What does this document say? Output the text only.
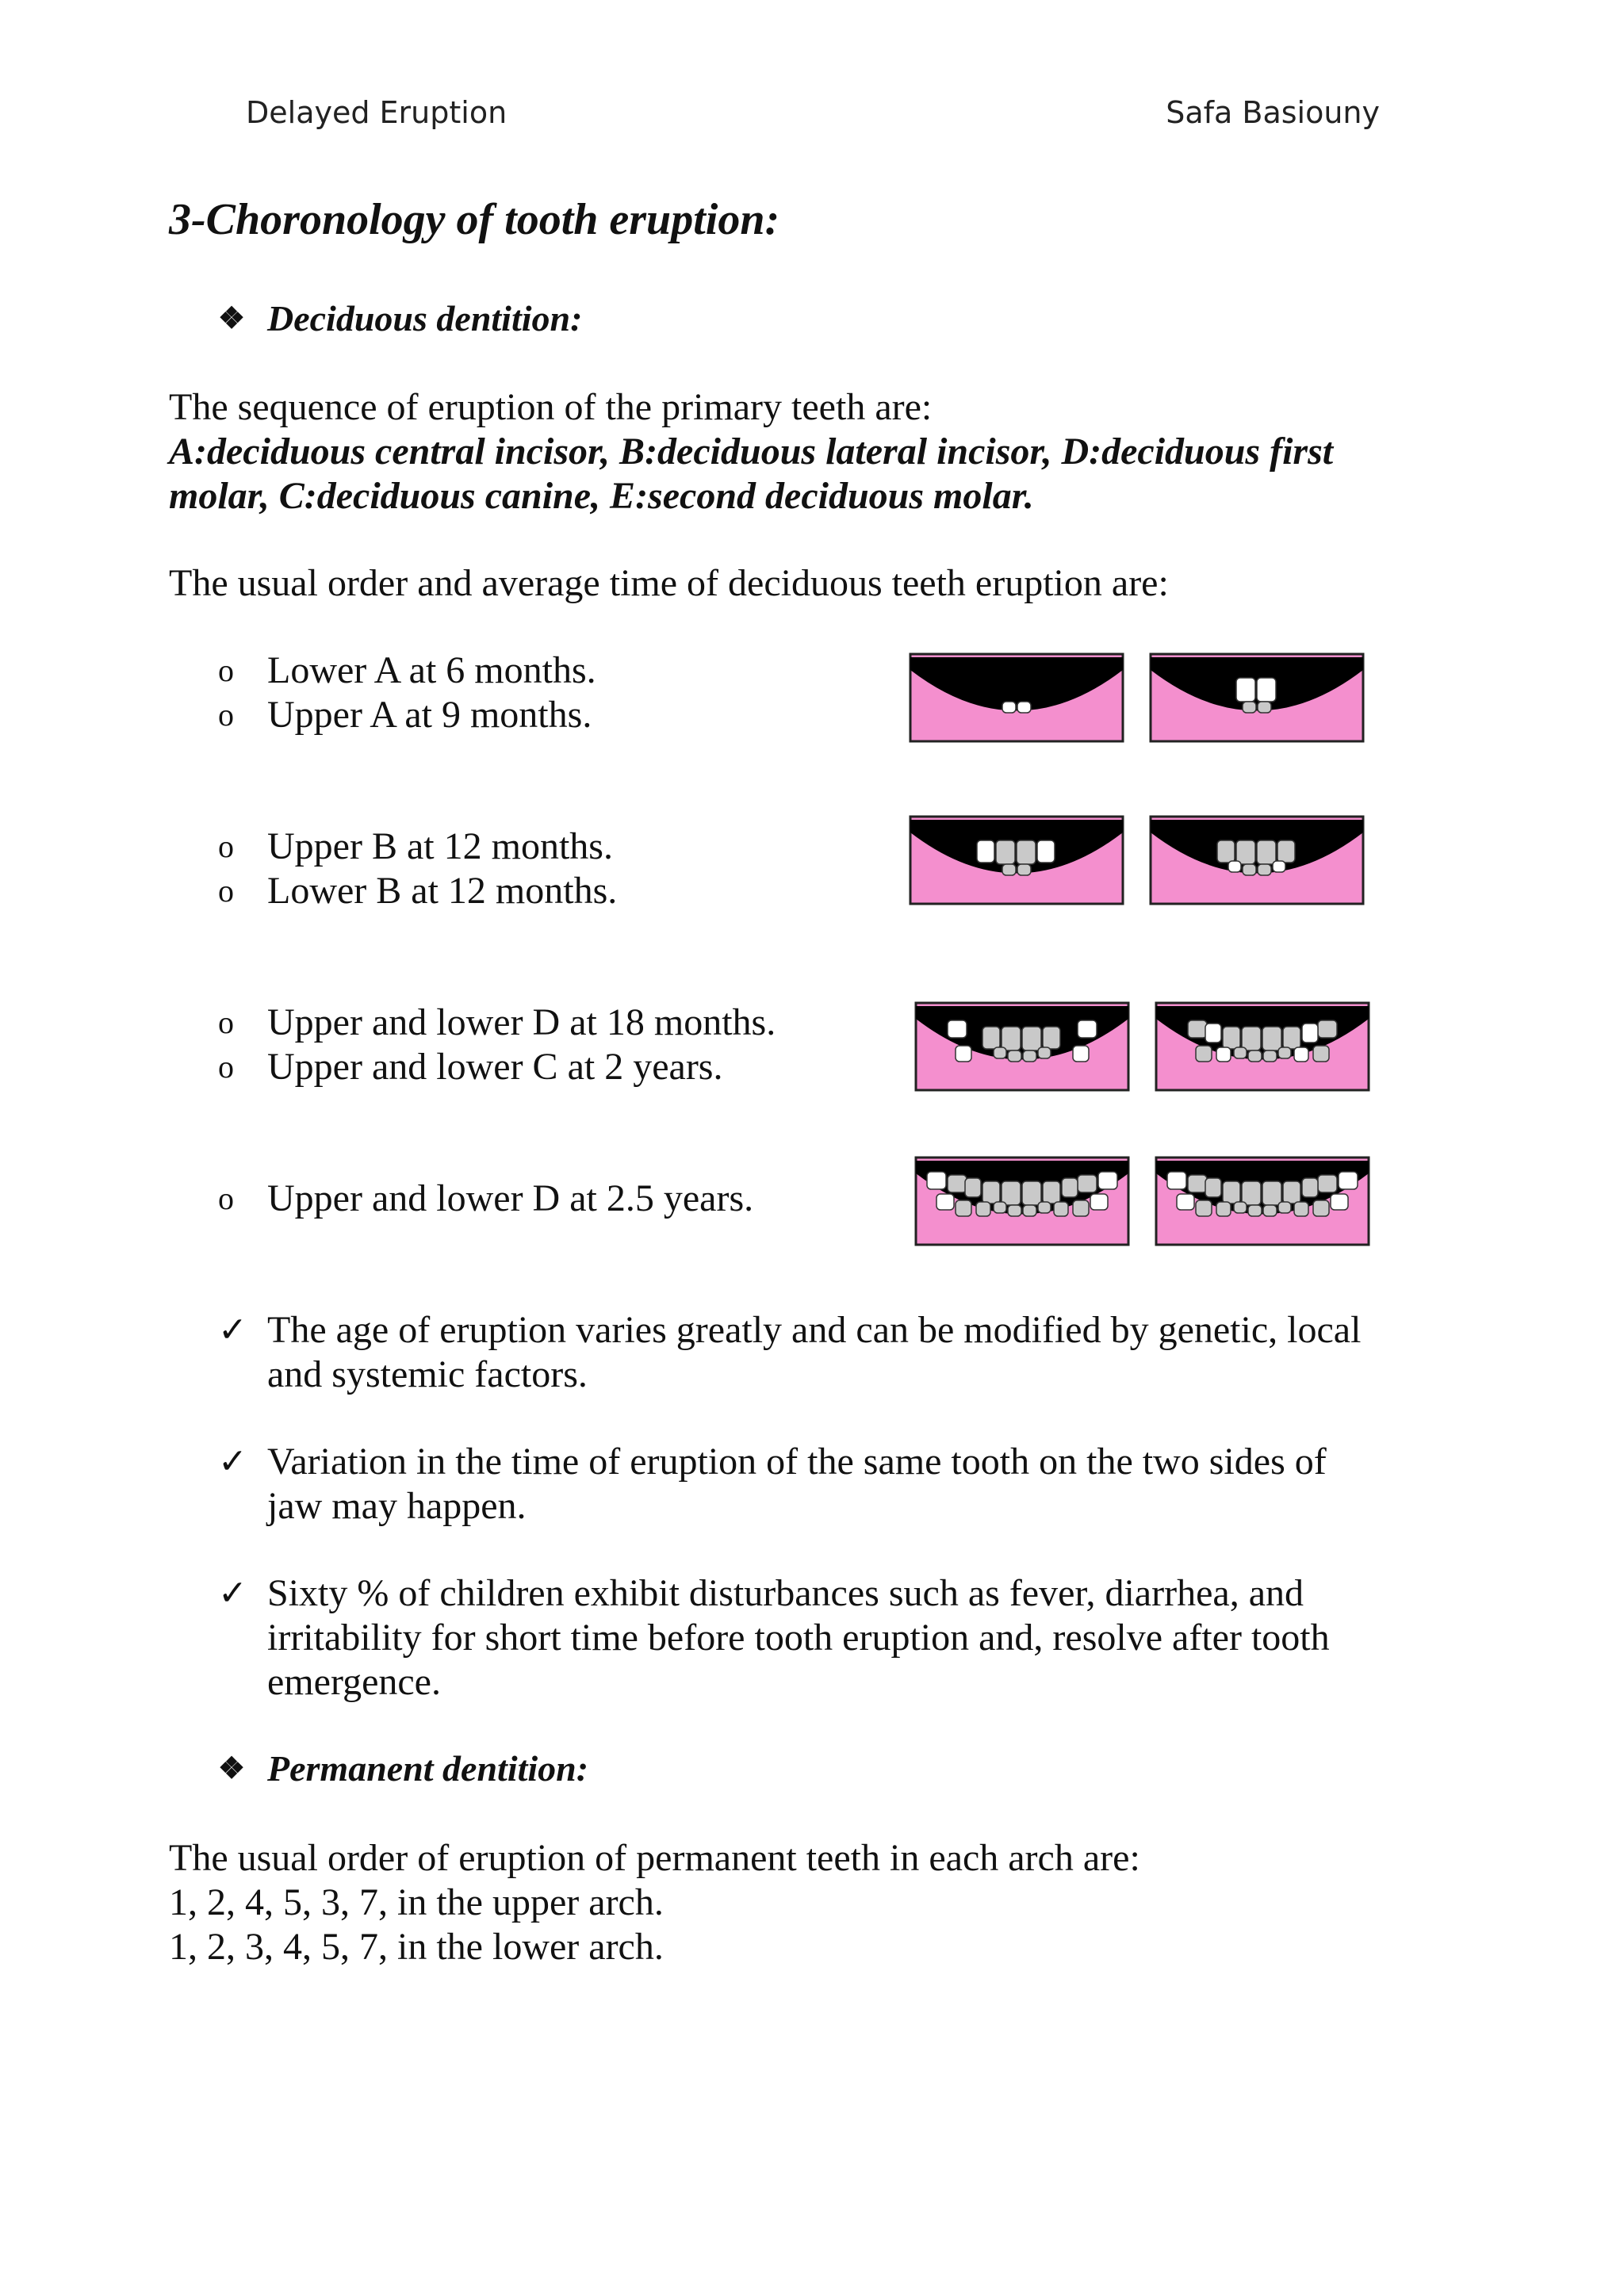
Delayed Eruption	Safa Basiouny
3-Choronology of tooth eruption:
❖ Deciduous dentition:
The sequence of eruption of the primary teeth are:
A:deciduous central incisor, B:deciduous lateral incisor, D:deciduous first
molar, C:deciduous canine, E:second deciduous molar.
The usual order and average time of deciduous teeth eruption are:
o Lower A at 6 months.
o Upper A at 9 months.
o Upper B at 12 months.
o Lower B at 12 months.
o Upper and lower D at 18 months.
o Upper and lower C at 2 years.
o Upper and lower D at 2.5 years.
✓ The age of eruption varies greatly and can be modified by genetic, local
and systemic factors.
✓ Variation in the time of eruption of the same tooth on the two sides of
jaw may happen.
✓ Sixty % of children exhibit disturbances such as fever, diarrhea, and
irritability for short time before tooth eruption and, resolve after tooth
emergence.
❖ Permanent dentition:
The usual order of eruption of permanent teeth in each arch are:
1, 2, 4, 5, 3, 7, in the upper arch.
1, 2, 3, 4, 5, 7, in the lower arch.
